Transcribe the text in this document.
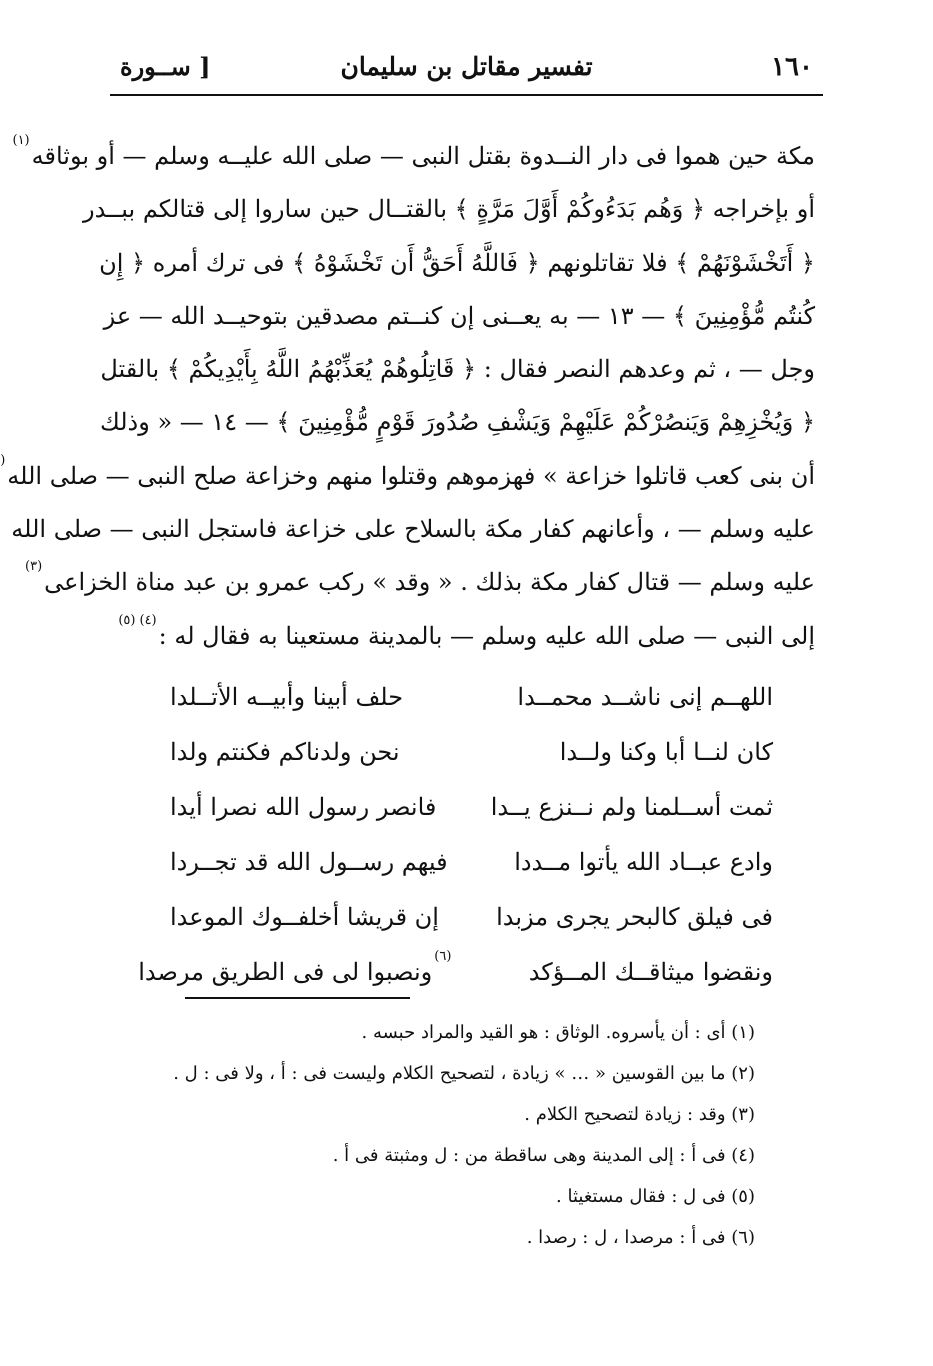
١٦٠
تفسير مقاتل بن سليمان
[ ســورة
مكة حين هموا فى دار النــدوة بقتل النبى — صلى الله عليــه وسلم — أو بوثاقه$^{(١)}$
أو بإخراجه ﴿ وَهُم بَدَءُوكُمْ أَوَّلَ مَرَّةٍ ﴾ بالقتــال حين ساروا إلى قتالكم ببــدر
﴿ أَتَخْشَوْنَهُمْ ﴾ فلا تقاتلونهم ﴿ فَاللَّهُ أَحَقُّ أَن تَخْشَوْهُ ﴾ فى ترك أمره ﴿ إِن
كُنتُم مُّؤْمِنِينَ ﴾ — ١٣ — به يعــنى إن كنــتم مصدقين بتوحيــد الله — عز
وجل — ، ثم وعدهم النصر فقال : ﴿ قَاتِلُوهُمْ يُعَذِّبْهُمُ اللَّهُ بِأَيْدِيكُمْ ﴾ بالقتل
﴿ وَيُخْزِهِمْ وَيَنصُرْكُمْ عَلَيْهِمْ وَيَشْفِ صُدُورَ قَوْمٍ مُّؤْمِنِينَ ﴾ — ١٤ — « وذلك
أن بنى كعب قاتلوا خزاعة » فهزموهم وقتلوا منهم وخزاعة صلح النبى — صلى الله(
عليه وسلم — ، وأعانهم كفار مكة بالسلاح على خزاعة فاستجل النبى — صلى الله
عليه وسلم — قتال كفار مكة بذلك . « وقد » ركب عمرو بن عبد مناة الخزاعى$^{(٣)}$
إلى النبى — صلى الله عليه وسلم — بالمدينة مستعينا به فقال له :$^{(٤)(٥)}$
اللهــم إنى ناشــد محمــدا
حلف أبينا وأبيــه الأتــلدا
كان لنــا أبا وكنا ولــدا
نحن ولدناكم فكنتم ولدا
ثمت أســلمنا ولم نــنزع يــدا
فانصر رسول الله نصرا أيدا
وادع عبــاد الله يأتوا مــددا
فيهم رســول الله قد تجــردا
فى فيلق كالبحر يجرى مزبدا
إن قريشا أخلفــوك الموعدا
ونقضوا ميثاقــك المــؤكد
$^{(٦)}$ونصبوا لى فى الطريق مرصدا
(١) أى : أن يأسروه. الوثاق : هو القيد والمراد حبسه .
(٢) ما بين القوسين « … » زيادة ، لتصحيح الكلام وليست فى : أ ، ولا فى : ل .
(٣) وقد : زيادة لتصحيح الكلام .
(٤) فى أ : إلى المدينة وهى ساقطة من : ل ومثبتة فى أ .
(٥) فى ل : فقال مستغيثا .
(٦) فى أ : مرصدا ، ل : رصدا .
